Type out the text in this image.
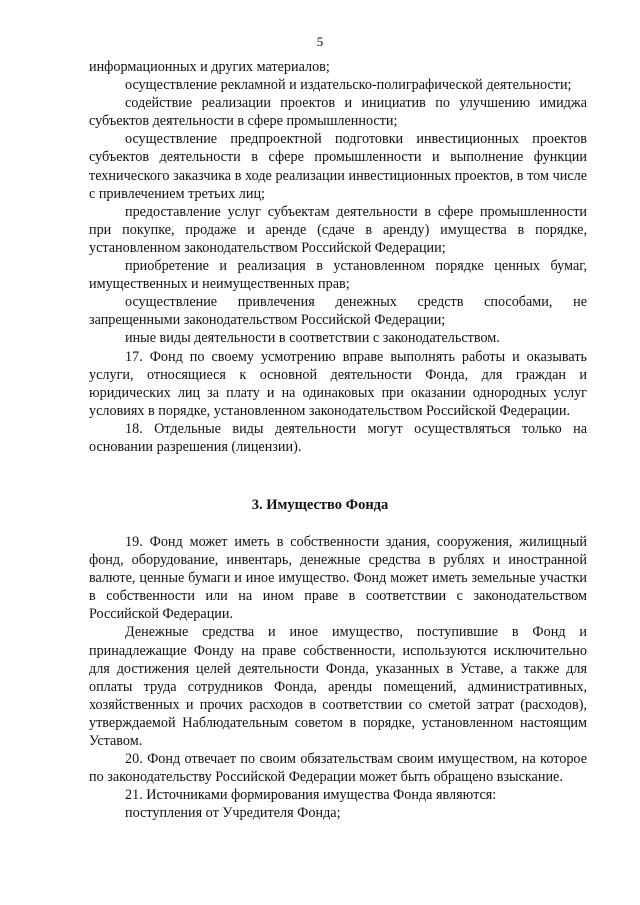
5

информационных и других материалов;

осуществление рекламной и издательско-полиграфической деятельности;

содействие реализации проектов и инициатив по улучшению имиджа субъектов деятельности в сфере промышленности;

осуществление предпроектной подготовки инвестиционных проектов субъектов деятельности в сфере промышленности и выполнение функции технического заказчика в ходе реализации инвестиционных проектов, в том числе с привлечением третьих лиц;

предоставление услуг субъектам деятельности в сфере промышленности при покупке, продаже и аренде (сдаче в аренду) имущества в порядке, установленном законодательством Российской Федерации;

приобретение и реализация в установленном порядке ценных бумаг, имущественных и неимущественных прав;

осуществление привлечения денежных средств способами, не запрещенными законодательством Российской Федерации;

иные виды деятельности в соответствии с законодательством.

17. Фонд по своему усмотрению вправе выполнять работы и оказывать услуги, относящиеся к основной деятельности Фонда, для граждан и юридических лиц за плату и на одинаковых при оказании однородных услуг условиях в порядке, установленном законодательством Российской Федерации.

18. Отдельные виды деятельности могут осуществляться только на основании разрешения (лицензии).

3. Имущество Фонда

19. Фонд может иметь в собственности здания, сооружения, жилищный фонд, оборудование, инвентарь, денежные средства в рублях и иностранной валюте, ценные бумаги и иное имущество. Фонд может иметь земельные участки в собственности или на ином праве в соответствии с законодательством Российской Федерации.

Денежные средства и иное имущество, поступившие в Фонд и принадлежащие Фонду на праве собственности, используются исключительно для достижения целей деятельности Фонда, указанных в Уставе, а также для оплаты труда сотрудников Фонда, аренды помещений, административных, хозяйственных и прочих расходов в соответствии со сметой затрат (расходов), утверждаемой Наблюдательным советом в порядке, установленном настоящим Уставом.

20. Фонд отвечает по своим обязательствам своим имуществом, на которое по законодательству Российской Федерации может быть обращено взыскание.

21. Источниками формирования имущества Фонда являются:

поступления от Учредителя Фонда;
